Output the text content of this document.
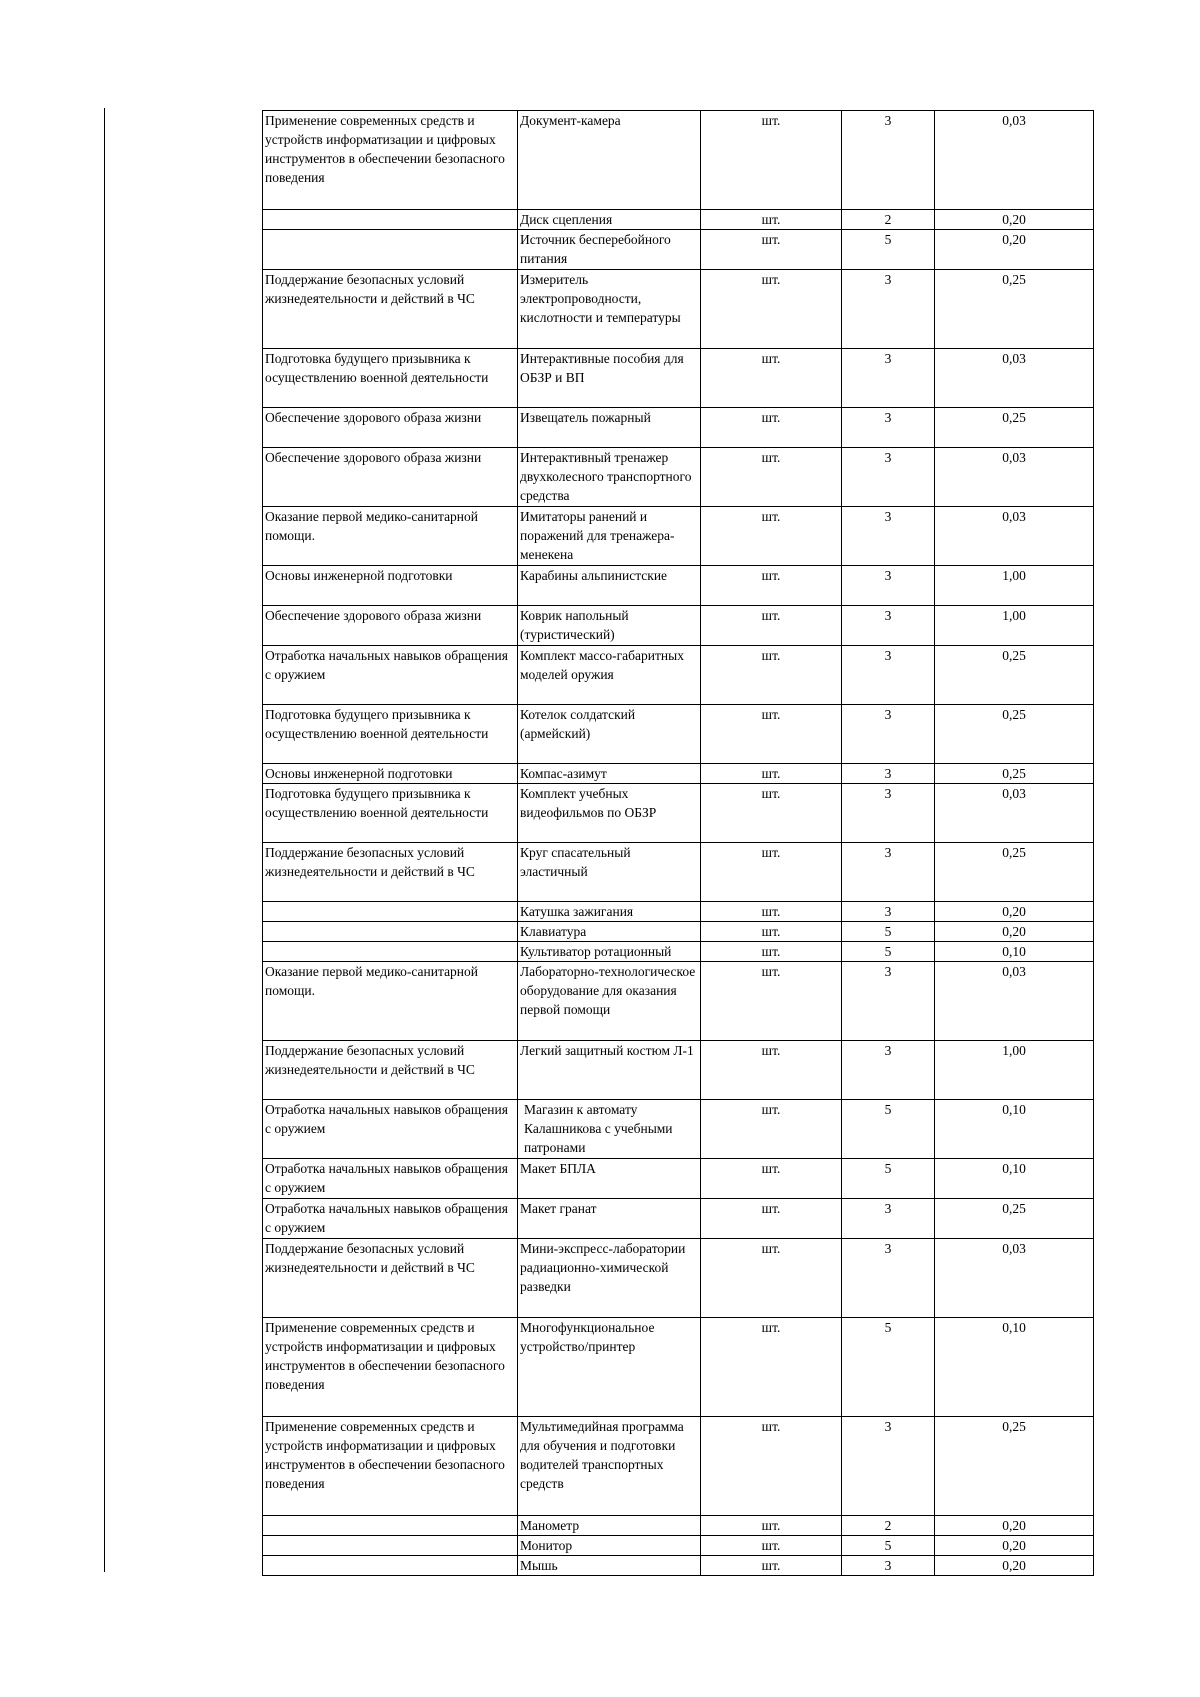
Применение современных средств и устройств информатизации и цифровых инструментов в обеспечении безопасного поведения	Документ-камера	шт.	3	0,03
	Диск сцепления	шт.	2	0,20
	Источник бесперебойного питания	шт.	5	0,20
Поддержание безопасных условий жизнедеятельности и действий в ЧС	Измеритель электропроводности, кислотности и температуры	шт.	3	0,25
Подготовка будущего призывника к осуществлению военной деятельности	Интерактивные пособия для ОБЗР и ВП	шт.	3	0,03
Обеспечение здорового образа жизни	Извещатель пожарный	шт.	3	0,25
Обеспечение здорового образа жизни	Интерактивный тренажер двухколесного транспортного средства	шт.	3	0,03
Оказание первой медико-санитарной помощи.	Имитаторы ранений и поражений для тренажера-менекена	шт.	3	0,03
Основы инженерной подготовки	Карабины альпинистские	шт.	3	1,00
Обеспечение здорового образа жизни	Коврик напольный (туристический)	шт.	3	1,00
Отработка начальных навыков обращения с оружием	Комплект массо-габаритных моделей оружия	шт.	3	0,25
Подготовка будущего призывника к осуществлению военной деятельности	Котелок солдатский (армейский)	шт.	3	0,25
Основы инженерной подготовки	Компас-азимут	шт.	3	0,25
Подготовка будущего призывника к осуществлению военной деятельности	Комплект учебных видеофильмов по ОБЗР	шт.	3	0,03
Поддержание безопасных условий жизнедеятельности и действий в ЧС	Круг спасательный эластичный	шт.	3	0,25
	Катушка зажигания	шт.	3	0,20
	Клавиатура	шт.	5	0,20
	Культиватор ротационный	шт.	5	0,10
Оказание первой медико-санитарной помощи.	Лабораторно-технологическое оборудование для оказания первой помощи	шт.	3	0,03
Поддержание безопасных условий жизнедеятельности и действий в ЧС	Легкий защитный костюм Л-1	шт.	3	1,00
Отработка начальных навыков обращения с оружием	Магазин к автомату Калашникова с учебными патронами	шт.	5	0,10
Отработка начальных навыков обращения с оружием	Макет БПЛА	шт.	5	0,10
Отработка начальных навыков обращения с оружием	Макет гранат	шт.	3	0,25
Поддержание безопасных условий жизнедеятельности и действий в ЧС	Мини-экспресс-лаборатории радиационно-химической разведки	шт.	3	0,03
Применение современных средств и устройств информатизации и цифровых инструментов в обеспечении безопасного поведения	Многофункциональное устройство/принтер	шт.	5	0,10
Применение современных средств и устройств информатизации и цифровых инструментов в обеспечении безопасного поведения	Мультимедийная программа для обучения и подготовки водителей транспортных средств	шт.	3	0,25
	Манометр	шт.	2	0,20
	Монитор	шт.	5	0,20
	Мышь	шт.	3	0,20
